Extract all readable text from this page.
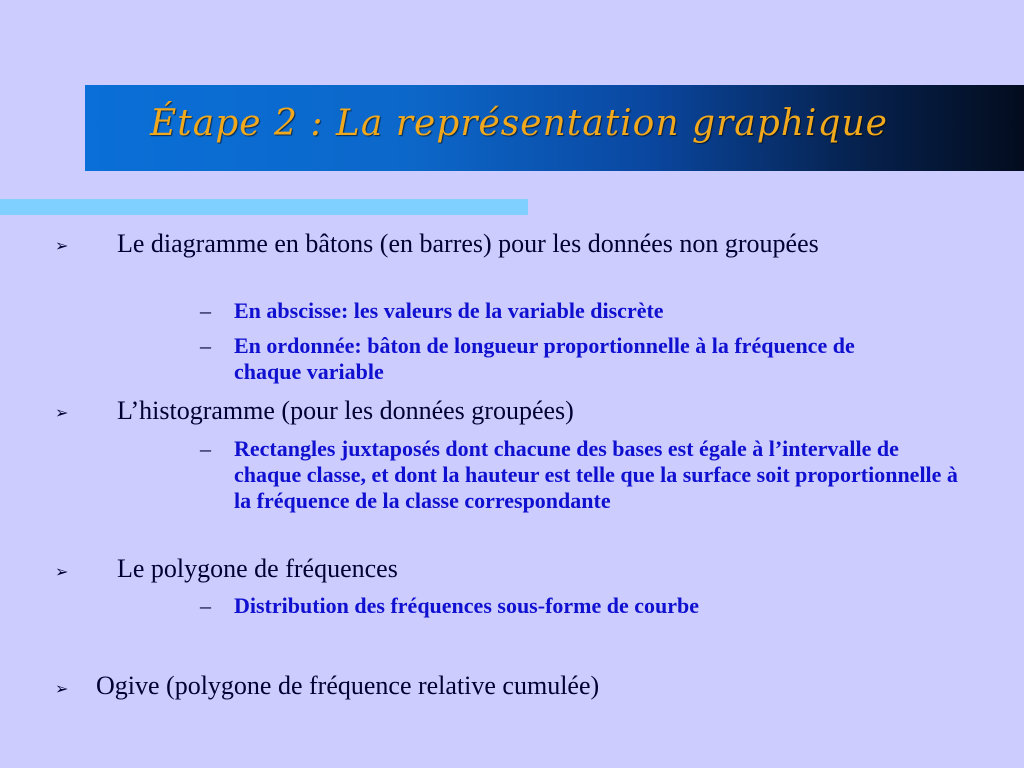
Étape 2 : La représentation graphique
➢ Le diagramme en bâtons (en barres) pour les données non groupées
– En abscisse: les valeurs de la variable discrète
– En ordonnée: bâton de longueur proportionnelle à la fréquence de chaque variable
➢ L’histogramme (pour les données groupées)
– Rectangles juxtaposés dont chacune des bases est égale à l’intervalle de chaque classe, et dont la hauteur est telle que la surface soit proportionnelle à la fréquence de la classe correspondante
➢ Le polygone de fréquences
– Distribution des fréquences sous-forme de courbe
➢ Ogive (polygone de fréquence relative cumulée)
